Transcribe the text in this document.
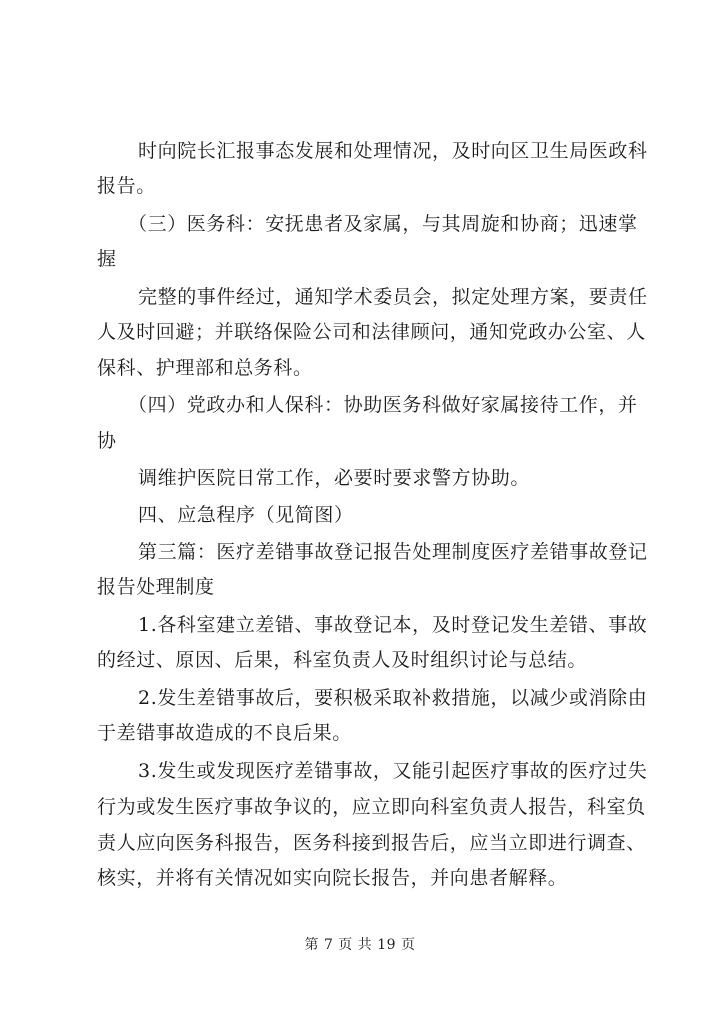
时向院长汇报事态发展和处理情况，及时向区卫生局医政科
报告。
（三）医务科：安抚患者及家属，与其周旋和协商；迅速掌
握
完整的事件经过，通知学术委员会，拟定处理方案，要责任
人及时回避；并联络保险公司和法律顾问，通知党政办公室、人
保科、护理部和总务科。
（四）党政办和人保科：协助医务科做好家属接待工作，并
协
调维护医院日常工作，必要时要求警方协助。
四、应急程序（见简图）
第三篇：医疗差错事故登记报告处理制度医疗差错事故登记
报告处理制度
1.各科室建立差错、事故登记本，及时登记发生差错、事故
的经过、原因、后果，科室负责人及时组织讨论与总结。
2.发生差错事故后，要积极采取补救措施，以减少或消除由
于差错事故造成的不良后果。
3.发生或发现医疗差错事故，又能引起医疗事故的医疗过失
行为或发生医疗事故争议的，应立即向科室负责人报告，科室负
责人应向医务科报告，医务科接到报告后，应当立即进行调查、
核实，并将有关情况如实向院长报告，并向患者解释。
第 7 页 共 19 页
